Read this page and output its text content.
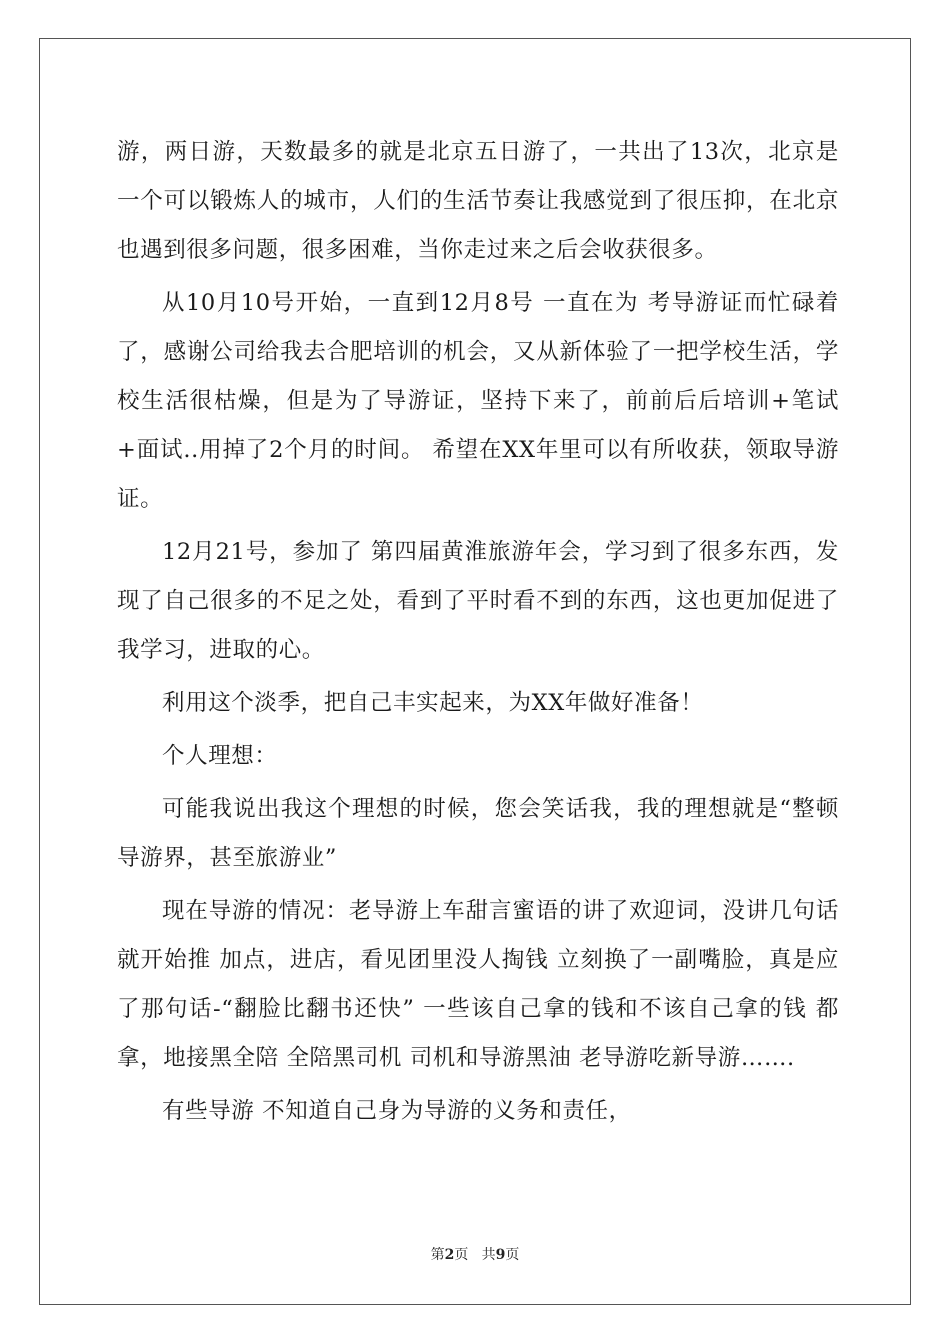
游，两日游，天数最多的就是北京五日游了，一共出了13次，北京是一个可以锻炼人的城市，人们的生活节奏让我感觉到了很压抑，在北京也遇到很多问题，很多困难，当你走过来之后会收获很多。

从10月10号开始，一直到12月8号 一直在为 考导游证而忙碌着了，感谢公司给我去合肥培训的机会，又从新体验了一把学校生活，学校生活很枯燥，但是为了导游证，坚持下来了，前前后后培训+笔试+面试..用掉了2个月的时间。 希望在XX年里可以有所收获，领取导游证。

12月21号，参加了 第四届黄淮旅游年会，学习到了很多东西，发现了自己很多的不足之处，看到了平时看不到的东西，这也更加促进了我学习，进取的心。

利用这个淡季，把自己丰实起来，为XX年做好准备！

个人理想：

可能我说出我这个理想的时候，您会笑话我，我的理想就是“整顿导游界，甚至旅游业”

现在导游的情况：老导游上车甜言蜜语的讲了欢迎词，没讲几句话就开始推 加点，进店，看见团里没人掏钱 立刻换了一副嘴脸，真是应了那句话-“翻脸比翻书还快” 一些该自己拿的钱和不该自己拿的钱 都拿，地接黑全陪 全陪黑司机 司机和导游黑油 老导游吃新导游…….

有些导游 不知道自己身为导游的义务和责任，

第2页   共9页
